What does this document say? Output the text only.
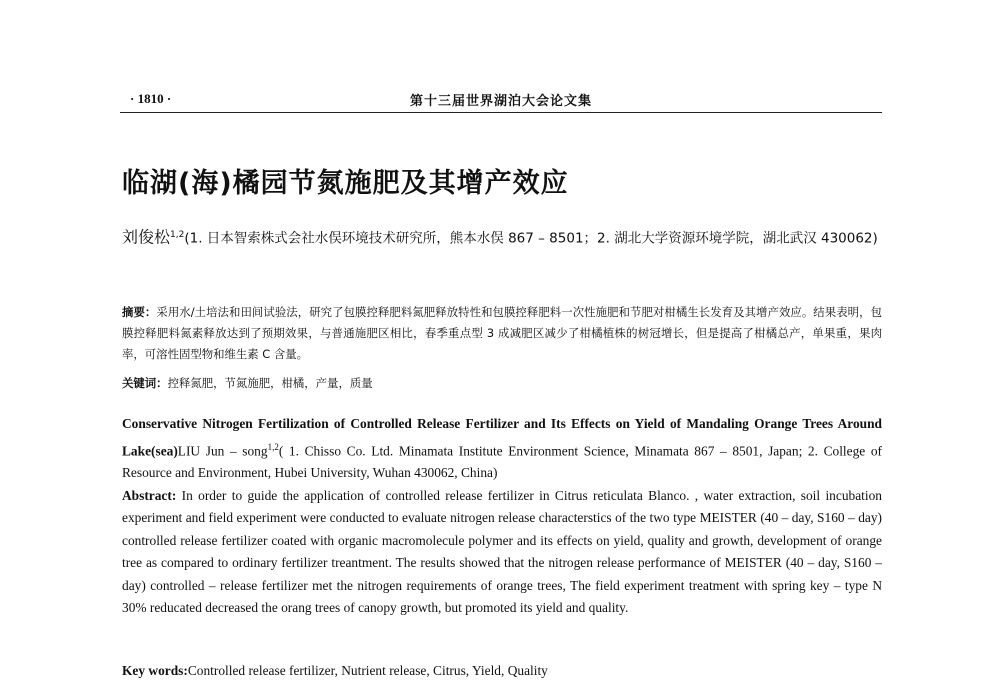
· 1810 ·	第十三届世界湖泊大会论文集
临湖(海)橘园节氮施肥及其增产效应
刘俊松$^{1,2}$(1. 日本智索株式会社水俣环境技术研究所，熊本水俣 867 – 8501；2. 湖北大学资源环境学院，湖北武汉 430062)
摘要：采用水/土培法和田间试验法，研究了包膜控释肥料氮肥释放特性和包膜控释肥料一次性施肥和节肥对柑橘生长发育及其增产效应。结果表明，包膜控释肥料氮素释放达到了预期效果，与普通施肥区相比，春季重点型 3 成减肥区减少了柑橘植株的树冠增长，但是提高了柑橘总产，单果重，果肉率，可溶性固型物和维生素 C 含量。
关键词：控释氮肥，节氮施肥，柑橘，产量，质量
Conservative Nitrogen Fertilization of Controlled Release Fertilizer and Its Effects on Yield of Mandaling Orange Trees Around Lake(sea)LIU Jun – song$^{1,2}$( 1. Chisso Co. Ltd. Minamata Institute Environment Science, Minamata 867 – 8501, Japan; 2. College of Resource and Environment, Hubei University, Wuhan 430062, China)
Abstract: In order to guide the application of controlled release fertilizer in Citrus reticulata Blanco. , water extraction, soil incubation experiment and field experiment were conducted to evaluate nitrogen release characterstics of the two type MEISTER (40 – day, S160 – day) controlled release fertilizer coated with organic macromolecule polymer and its effects on yield, quality and growth, development of orange tree as compared to ordinary fertilizer treantment. The results showed that the nitrogen release performance of MEISTER (40 – day, S160 – day) controlled – release fertilizer met the nitrogen requirements of orange trees, The field experiment treatment with spring key – type N 30% reducated decreased the orang trees of canopy growth, but promoted its yield and quality.
Key words:Controlled release fertilizer, Nutrient release, Citrus, Yield, Quality
